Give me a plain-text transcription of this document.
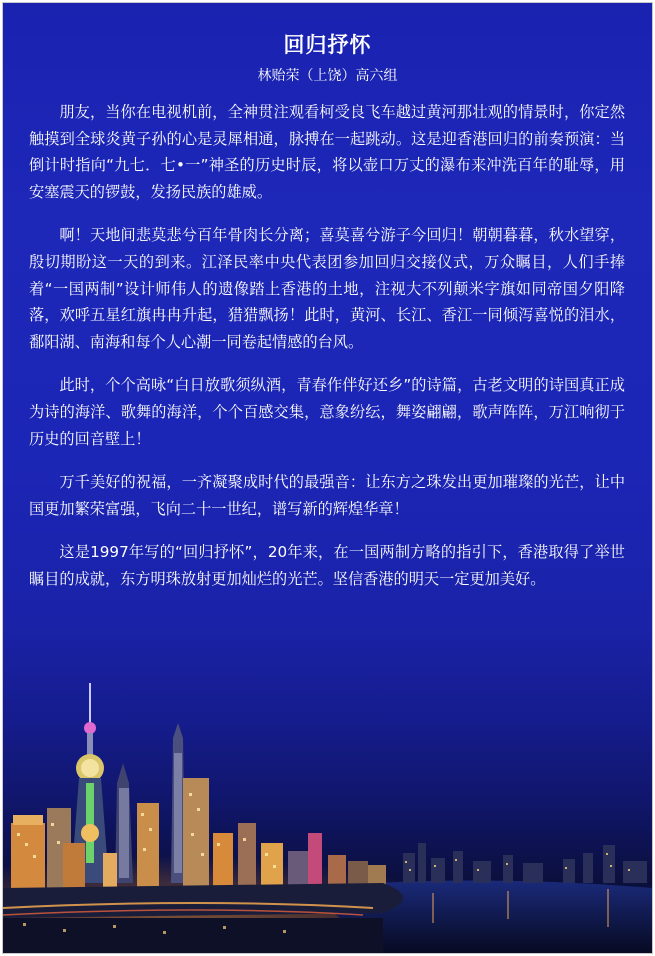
回归抒怀
林贻荣（上饶）高六组

朋友，当你在电视机前，全神贯注观看柯受良飞车越过黄河那壮观的情景时，你定然触摸到全球炎黄子孙的心是灵犀相通，脉搏在一起跳动。这是迎香港回归的前奏预演：当倒计时指向“九七．七•一”神圣的历史时辰，将以壶口万丈的瀑布来冲洗百年的耻辱，用安塞震天的锣鼓，发扬民族的雄威。

啊！天地间悲莫悲兮百年骨肉长分离；喜莫喜兮游子今回归！朝朝暮暮，秋水望穿，殷切期盼这一天的到来。江泽民率中央代表团参加回归交接仪式，万众瞩目，人们手捧着“一国两制”设计师伟人的遗像踏上香港的土地，注视大不列颠米字旗如同帝国夕阳降落，欢呼五星红旗冉冉升起，猎猎飘扬！此时，黄河、长江、香江一同倾泻喜悦的泪水，鄱阳湖、南海和每个人心潮一同卷起情感的台风。

此时，个个高咏“白日放歌须纵酒，青春作伴好还乡”的诗篇，古老文明的诗国真正成为诗的海洋、歌舞的海洋，个个百感交集，意象纷纭，舞姿翩翩，歌声阵阵，万江响彻于历史的回音壁上！

万千美好的祝福，一齐凝聚成时代的最强音：让东方之珠发出更加璀璨的光芒，让中国更加繁荣富强，飞向二十一世纪，谱写新的辉煌华章！

这是1997年写的“回归抒怀”，20年来，在一国两制方略的指引下，香港取得了举世瞩目的成就，东方明珠放射更加灿烂的光芒。坚信香港的明天一定更加美好。
